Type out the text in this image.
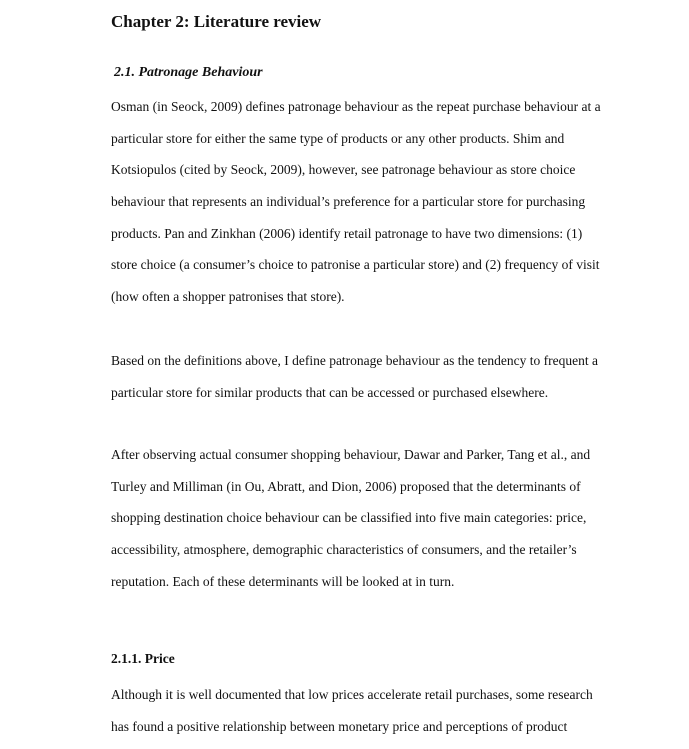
Chapter 2: Literature review
2.1. Patronage Behaviour
Osman (in Seock, 2009) defines patronage behaviour as the repeat purchase behaviour at a
particular store for either the same type of products or any other products. Shim and
Kotsiopulos (cited by Seock, 2009), however, see patronage behaviour as store choice
behaviour that represents an individual’s preference for a particular store for purchasing
products. Pan and Zinkhan (2006) identify retail patronage to have two dimensions: (1)
store choice (a consumer’s choice to patronise a particular store) and (2) frequency of visit
(how often a shopper patronises that store).
Based on the definitions above, I define patronage behaviour as the tendency to frequent a
particular store for similar products that can be accessed or purchased elsewhere.
After observing actual consumer shopping behaviour, Dawar and Parker, Tang et al., and
Turley and Milliman (in Ou, Abratt, and Dion, 2006) proposed that the determinants of
shopping destination choice behaviour can be classified into five main categories: price,
accessibility, atmosphere, demographic characteristics of consumers, and the retailer’s
reputation. Each of these determinants will be looked at in turn.
2.1.1. Price
Although it is well documented that low prices accelerate retail purchases, some research
has found a positive relationship between monetary price and perceptions of product
